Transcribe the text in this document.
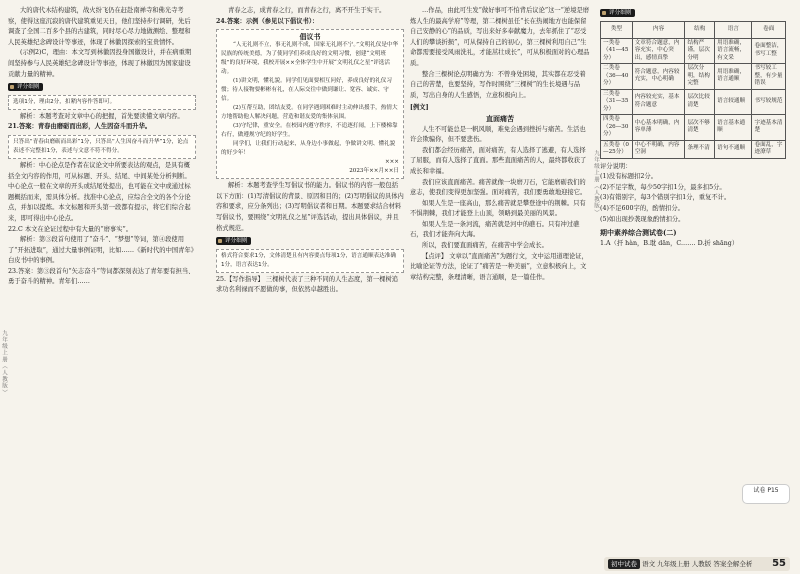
九年级上册（人教版）
九年级上册（人教版）

大的唐代木结构建筑，战火纷飞仍在赶赴南禅寺和佛光寺考察，使得这座沉寂的唐代建筑重见天日，他们坚持步行调研，先后调查了全国二百多个县的古建筑，同时尽心尽力地做测绘、整理和人民英雄纪念碑设计等事迹，体现了林徽因探索的宝贵情怀。

(示例2)C，理由：本文写到林徽因投身国徽设计，并在病重期间坚持参与人民英雄纪念碑设计等事迹，体现了林徽因为国家建设贡献力量的精神。

评分细则

选项1分，理由2分，扣紧内容作答即可。

解析：本题考查对文章中心的把握，首先要读懂文章内容。

21.答案：青春由磨砺而出彩，人生因奋斗而升华。

只答出“青春由磨砺而出彩”1分，只答出“人生因奋斗而升华”1分，论点表述不完整扣1分，表述与文意不符不得分。

解析：中心论点是作者在议论文中所要表达的观点，是具有概括全文内容的作用，可从标题、开头、结尾、中间某处分析判断。中心论点一般在文章的开头或结尾处提出，也可能在文中或通过标题概括而来，需具体分析。找准中心论点，应综合全文的各个分论点，并加以提炼。本文标题和开头第一段都有提示，将它们综合起来，即可得出中心论点。

22.C 本文在论证过程中有大量的“磨事实”。

解析：第③段首句使用了“奋斗”、“梦想”等词，第④段使用了“开拓进取”，通过大量事例证明，比如……《新时代的中国青年》白皮书中的事例。

23.答案：第③段首句“矢志奋斗”等词都深刻表达了青年要有担当、勇于奋斗的精神。青年们……

青春之志，成青春之行，而青春之行，离不开生于实干。

24.答案：示例（参见以下倡议书）：

倡议书

“人无礼则不立，事无礼则不成，国家无礼则不宁。”文明礼仪是中华民族的传统美德，为了使同学们养成良好的文明习惯，创建“文明班级”的良好环境，我校开展××全体学生中开展“文明礼仪之星”评选活动。

(1)讲文明，懂礼貌。同学们见面要相互问好，养成良好的礼仪习惯；待人接物要彬彬有礼，在人际交往中做到谦让、宽容、诚实、守信。

(2)互帮互助，团结友爱。在同学遇到困难时主动伸出援手，热情大方地帮助他人解决问题，营造和谐友爱的集体氛围。

(3)守纪律，重安全。在校园内遵守秩序，不追逐打闹，上下楼梯靠右行，做遵规守纪的好学生。

同学们，让我们行动起来，从身边小事做起，争做讲文明、懂礼貌的好少年！

×××

2023年××月××日

解析：本题考查学生写倡议书的能力。倡议书的内容一般包括以下方面：(1)写清倡议的背景、原因和目的；(2)写明倡议的具体内容和要求，应分条列出；(3)写明倡议者和日期。本题要求结合材料写倡议书，要围绕“文明礼仪之星”评选活动，提出具体倡议，并且格式规范。

评分细则

格式符合要求1分，文体清楚且有内容要点每项1分，语言通顺表达准确1分，语言表达1分。

25.【写作指导】 三棵树代表了三种不同的人生态度，第一棵树追求功名利禄而不愿做的事，但依然卓越胜出。

…作品，由此可生发“做好事可不怕背后议论”这一“逆境是磨炼人生的最高学府”等理，第二棵树虽任“长在热闹地方也能保留自己安静的心”的品质，写出来好多奉献魔力，去年抓住了“忍受人们的攀谈折损”，可从保持自己的初心，第三棵树利用自己“生命都需要接受风雨洗礼，才能茁壮成长”，可从积极面对的心理品质。

整合三棵树论点明确方为：不曾身处困境，其实都在忍受着自己的苦楚，也要坚持，写作时围绕“三棵树”的生长境遇与品质，写出自身的人生感悟，立意积极向上。

[例文]

直面痛苦

人生不可能总是一帆风顺，难免会遇到挫折与痛苦。生活也许会欺骗你，但不要悲伤。

我们都会经历痛苦，面对痛苦，有人选择了逃避，有人选择了屈服，而有人选择了直面。那些直面痛苦的人，最终都收获了成长和幸福。

我们应该直面痛苦。痛苦就像一块磨刀石，它能磨砺我们的意志，使我们变得更加坚强。面对痛苦，我们要勇敢地迎接它。

如果人生是一座高山，那么痛苦就是攀登途中的荆棘。只有不惧荆棘，我们才能登上山顶，领略到最美丽的风景。

如果人生是一条河流，痛苦就是河中的礁石。只有冲过礁石，我们才能奔向大海。

所以，我们要直面痛苦，在痛苦中学会成长。

【点评】 文章以“直面痛苦”为题行文，文中运用道理论证，比喻论证等方法，论证了“痛苦是一种美丽”，立意积极向上，文章结构完整，条理清晰，语言通顺，是一篇佳作。

评分细则
类型	内容	结构	语言	卷面
一类卷（41—45分）	文章符合题意，内容充实，中心突出，感情真挚	结构严谨，层次分明	用语准确，语言流畅，有文采	卷面整洁，书写工整
二类卷（36—40分）	符合题意，内容较充实，中心明确	层次分明，结构完整	用语准确，语言通顺	书写较工整，有少量错误
三类卷（31—35分）	内容较充实，基本符合题意	层次比较清楚	语言较通顺	书写较规范
四类卷（26—30分）	中心基本明确，内容单薄	层次不够清楚	语言基本通顺	字迹基本清楚
五类卷（0—25分）	中心不明确，内容空洞	条理不清	语句不通顺	卷面乱，字迹潦草

评分说明：

(1)没有标题扣2分。

(2)不足字数，每少50字扣1分，最多扣5分。

(3)有错别字，每3个错别字扣1分，重复不计。

(4)不足600字的，酌情扣分。

(5)如出现抄袭现象酌情扣分。

期中素养综合测试卷(二)

1.A（扞 hàn，B.耽 dān，C.…… D.折 shāng）

试卷 P15
初中试卷 语文 九年级上册 人教版 答案全解全析 55
